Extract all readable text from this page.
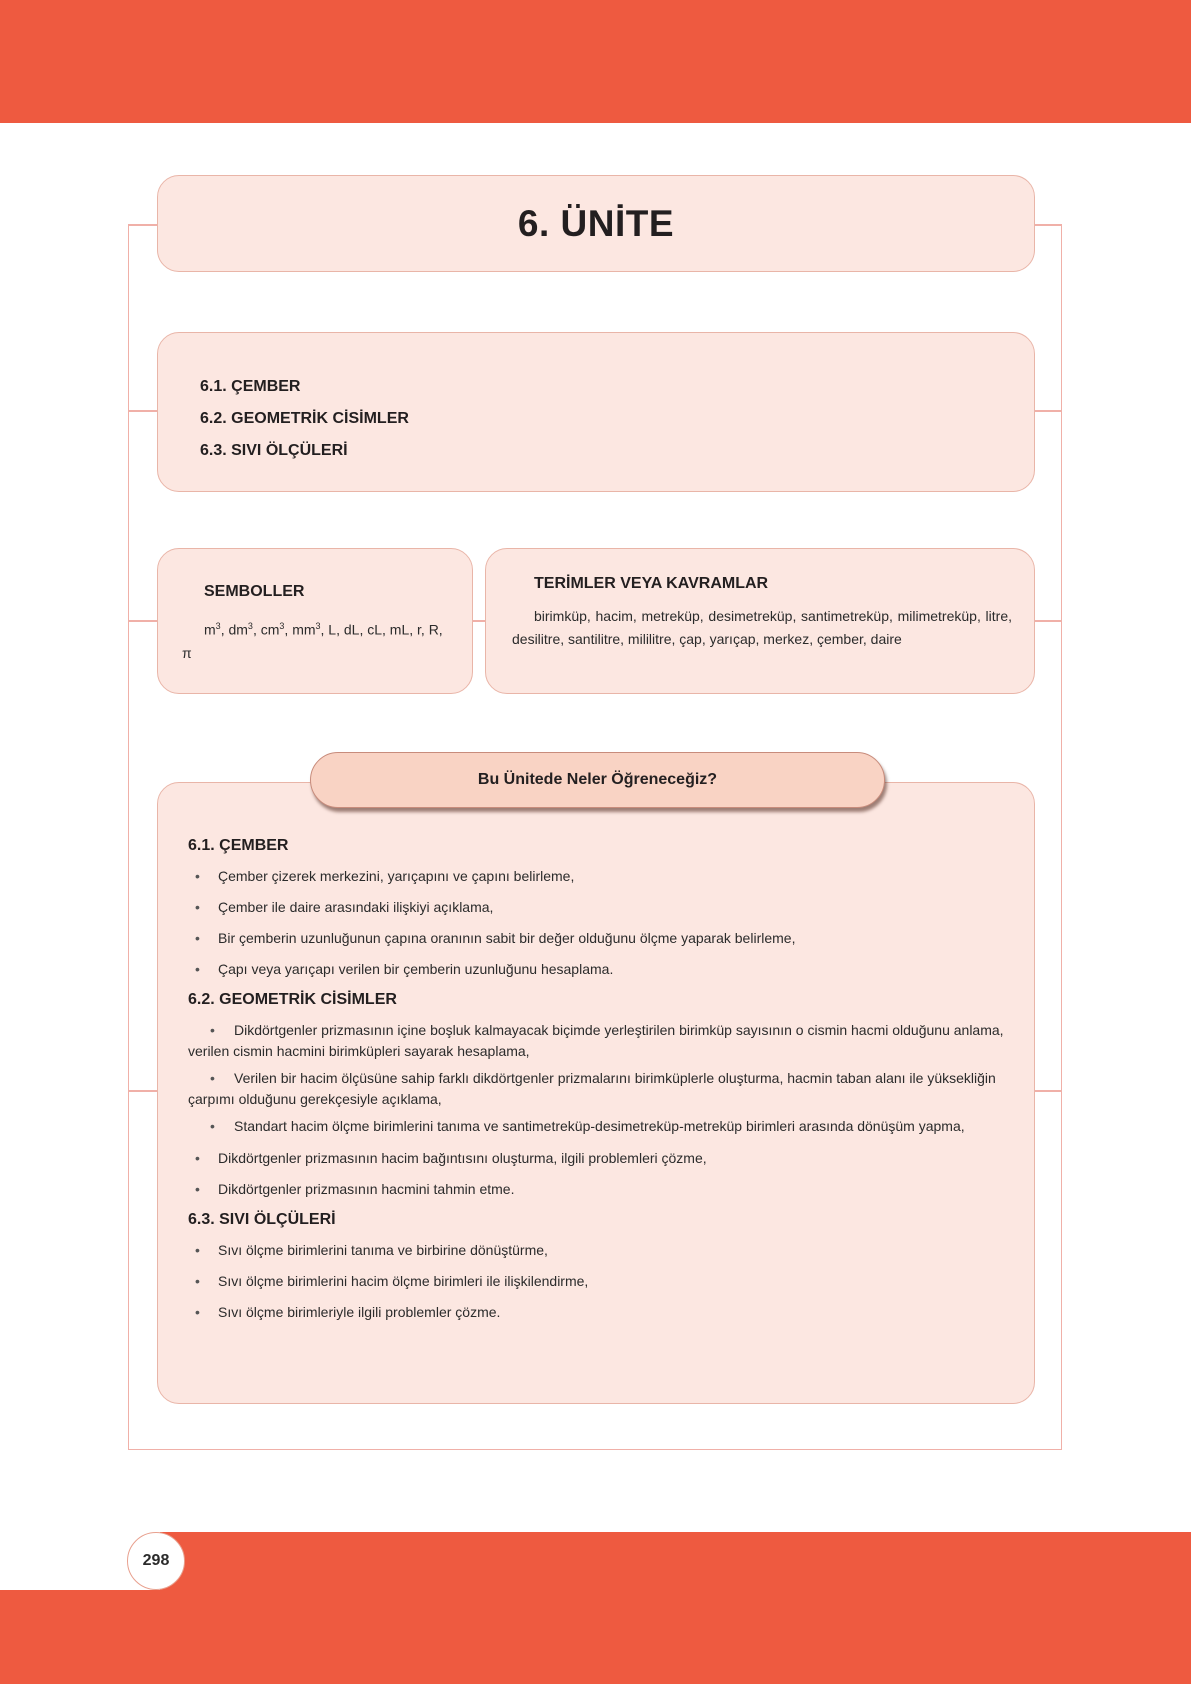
6. ÜNİTE
6.1. ÇEMBER
6.2. GEOMETRİK CİSİMLER
6.3. SIVI ÖLÇÜLERİ
SEMBOLLER
$m^3$, $dm^3$, $cm^3$, $mm^3$, L, dL, cL, mL, r, R, π
TERİMLER VEYA KAVRAMLAR
birimküp, hacim, metreküp, desimetreküp, santimetreküp, milimetreküp, litre, desilitre, santilitre, mililitre, çap, yarıçap, merkez, çember, daire
6.1. ÇEMBER
• Çember çizerek merkezini, yarıçapını ve çapını belirleme,
• Çember ile daire arasındaki ilişkiyi açıklama,
• Bir çemberin uzunluğunun çapına oranının sabit bir değer olduğunu ölçme yaparak belirleme,
• Çapı veya yarıçapı verilen bir çemberin uzunluğunu hesaplama.
6.2. GEOMETRİK CİSİMLER
• Dikdörtgenler prizmasının içine boşluk kalmayacak biçimde yerleştirilen birimküp sayısının o cismin hacmi olduğunu anlama, verilen cismin hacmini birimküpleri sayarak hesaplama,
• Verilen bir hacim ölçüsüne sahip farklı dikdörtgenler prizmalarını birimküplerle oluşturma, hacmin taban alanı ile yüksekliğin çarpımı olduğunu gerekçesiyle açıklama,
• Standart hacim ölçme birimlerini tanıma ve santimetreküp-desimetreküp-metreküp birimleri arasında dönüşüm yapma,
• Dikdörtgenler prizmasının hacim bağıntısını oluşturma, ilgili problemleri çözme,
• Dikdörtgenler prizmasının hacmini tahmin etme.
6.3. SIVI ÖLÇÜLERİ
• Sıvı ölçme birimlerini tanıma ve birbirine dönüştürme,
• Sıvı ölçme birimlerini hacim ölçme birimleri ile ilişkilendirme,
• Sıvı ölçme birimleriyle ilgili problemler çözme.
Bu Ünitede Neler Öğreneceğiz?
298
